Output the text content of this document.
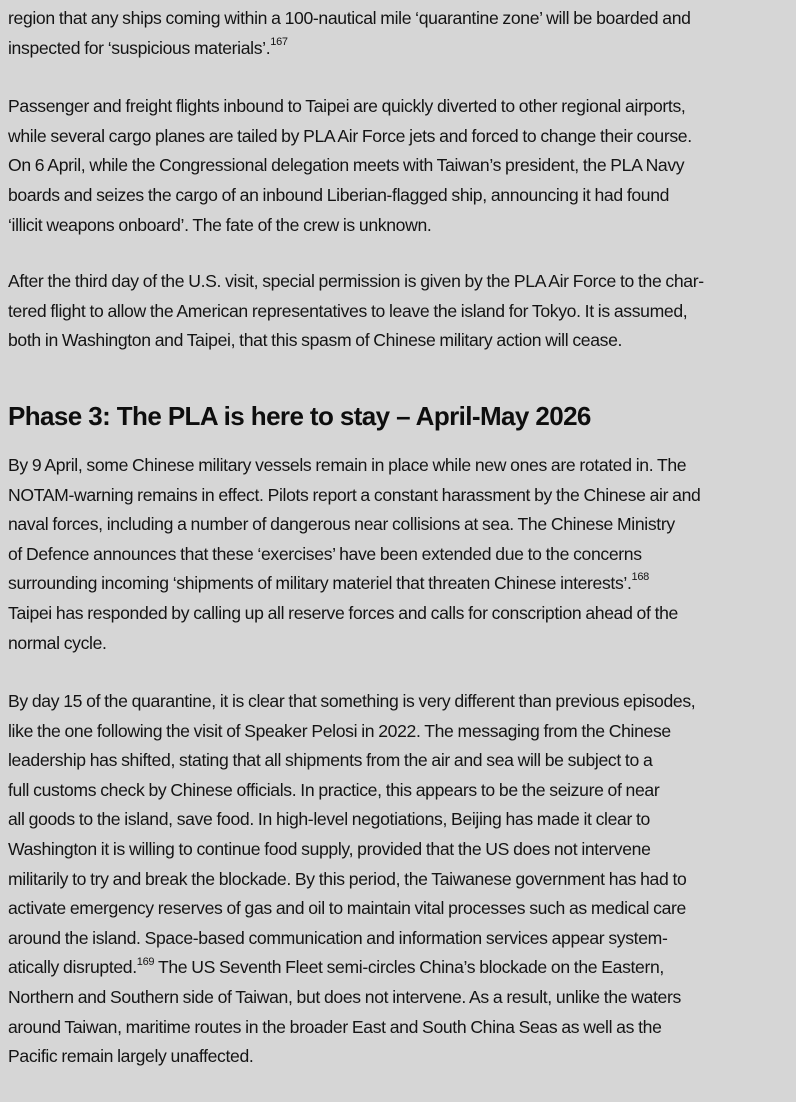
region that any ships coming within a 100-nautical mile ‘quarantine zone’ will be boarded and
inspected for ‘suspicious materials’.$^{167}$

Passenger and freight flights inbound to Taipei are quickly diverted to other regional airports,
while several cargo planes are tailed by PLA Air Force jets and forced to change their course.
On 6 April, while the Congressional delegation meets with Taiwan’s president, the PLA Navy
boards and seizes the cargo of an inbound Liberian-flagged ship, announcing it had found
‘illicit weapons onboard’. The fate of the crew is unknown.

After the third day of the U.S. visit, special permission is given by the PLA Air Force to the char-
tered flight to allow the American representatives to leave the island for Tokyo. It is assumed,
both in Washington and Taipei, that this spasm of Chinese military action will cease.

Phase 3: The PLA is here to stay – April-May 2026

By 9 April, some Chinese military vessels remain in place while new ones are rotated in. The
NOTAM-warning remains in effect. Pilots report a constant harassment by the Chinese air and
naval forces, including a number of dangerous near collisions at sea. The Chinese Ministry
of Defence announces that these ‘exercises’ have been extended due to the concerns
surrounding incoming ‘shipments of military materiel that threaten Chinese interests’.$^{168}$
Taipei has responded by calling up all reserve forces and calls for conscription ahead of the
normal cycle.

By day 15 of the quarantine, it is clear that something is very different than previous episodes,
like the one following the visit of Speaker Pelosi in 2022. The messaging from the Chinese
leadership has shifted, stating that all shipments from the air and sea will be subject to a
full customs check by Chinese officials. In practice, this appears to be the seizure of near
all goods to the island, save food. In high-level negotiations, Beijing has made it clear to
Washington it is willing to continue food supply, provided that the US does not intervene
militarily to try and break the blockade. By this period, the Taiwanese government has had to
activate emergency reserves of gas and oil to maintain vital processes such as medical care
around the island. Space-based communication and information services appear system-
atically disrupted.$^{169}$ The US Seventh Fleet semi-circles China’s blockade on the Eastern,
Northern and Southern side of Taiwan, but does not intervene. As a result, unlike the waters
around Taiwan, maritime routes in the broader East and South China Seas as well as the
Pacific remain largely unaffected.
